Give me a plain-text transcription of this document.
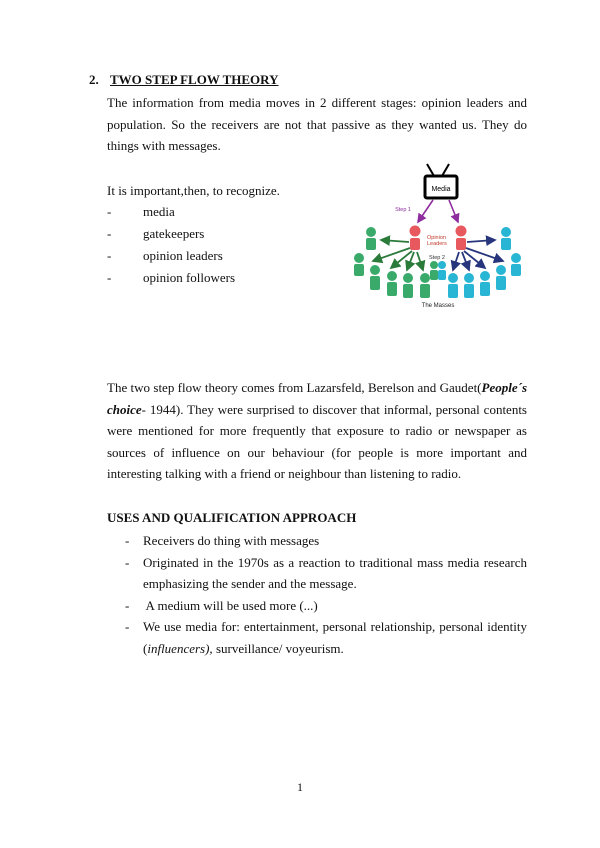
2. TWO STEP FLOW THEORY
The information from media moves in 2 different stages: opinion leaders and population. So the receivers are not that passive as they wanted us. They do things with messages.
It is important,then, to recognize.
- media
- gatekeepers
- opinion leaders
- opinion followers
Media
Step 1
Opinion
Leaders
Step 2
The Masses
The two step flow theory comes from Lazarsfeld, Berelson and Gaudet(People´s choice- 1944). They were surprised to discover that informal, personal contents were mentioned for more frequently that exposure to radio or newspaper as sources of influence on our behaviour (for people is more important and interesting talking with a friend or neighbour than listening to radio.
USES AND QUALIFICATION APPROACH
- Receivers do thing with messages
- Originated in the 1970s as a reaction to traditional mass media research emphasizing the sender and the message.
- A medium will be used more (...)
- We use media for: entertainment, personal relationship, personal identity (influencers), surveillance/ voyeurism.
1
